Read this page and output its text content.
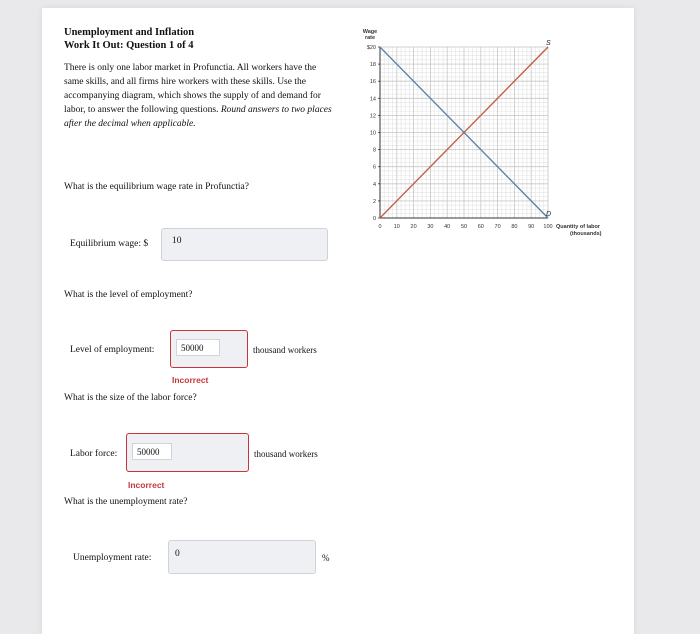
Unemployment and Inflation
Work It Out: Question 1 of 4
There is only one labor market in Profunctia. All workers have the same skills, and all firms hire workers with these skills. Use the accompanying diagram, which shows the supply of and demand for labor, to answer the following questions. Round answers to two places after the decimal when applicable.
What is the equilibrium wage rate in Profunctia?
Equilibrium wage: $	10
What is the level of employment?
Level of employment:	50000	thousand workers
Incorrect
What is the size of the labor force?
Labor force:	50000	thousand workers
Incorrect
What is the unemployment rate?
Unemployment rate: 0	%
0 10 20 30 40 50 60 70 80 90 100
0
2
4
6
8
10
12
14
16
18
$20
Wage
rate
Quantity of labor
(thousands)
S
D
